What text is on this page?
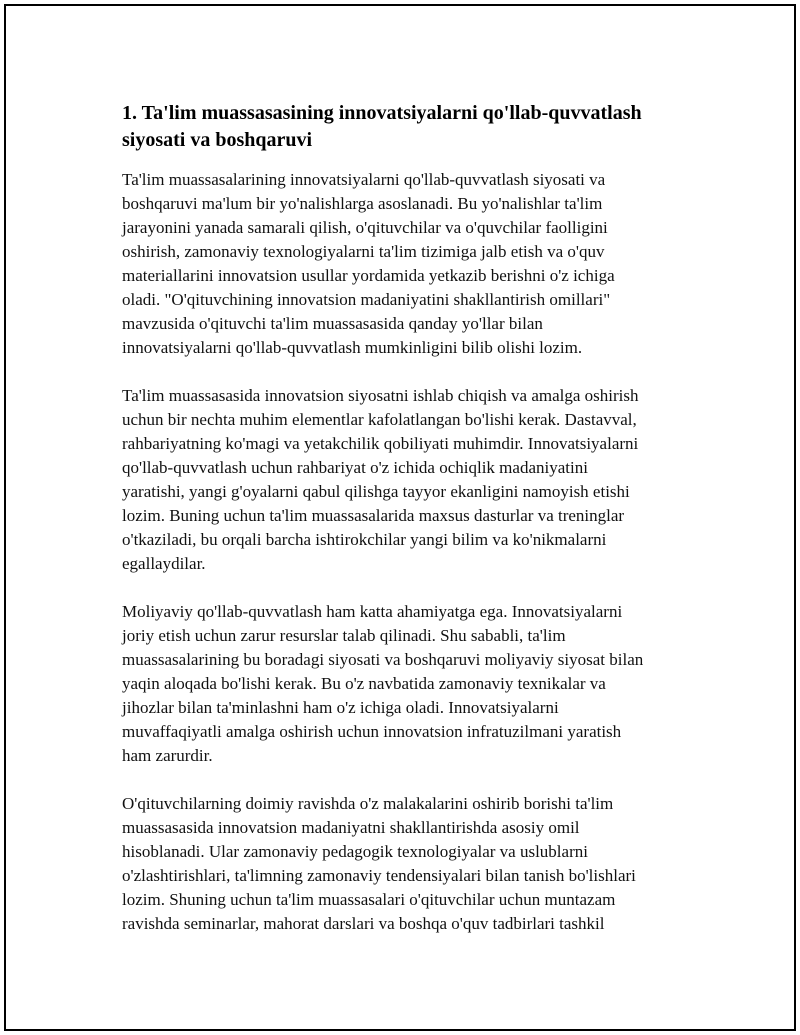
1. Ta'lim muassasasining innovatsiyalarni qo'llab-quvvatlash
siyosati va boshqaruvi

Ta'lim muassasalarining innovatsiyalarni qo'llab-quvvatlash siyosati va
boshqaruvi ma'lum bir yo'nalishlarga asoslanadi. Bu yo'nalishlar ta'lim
jarayonini yanada samarali qilish, o'qituvchilar va o'quvchilar faolligini
oshirish, zamonaviy texnologiyalarni ta'lim tizimiga jalb etish va o'quv
materiallarini innovatsion usullar yordamida yetkazib berishni o'z ichiga
oladi. "O'qituvchining innovatsion madaniyatini shakllantirish omillari"
mavzusida o'qituvchi ta'lim muassasasida qanday yo'llar bilan
innovatsiyalarni qo'llab-quvvatlash mumkinligini bilib olishi lozim.

Ta'lim muassasasida innovatsion siyosatni ishlab chiqish va amalga oshirish
uchun bir nechta muhim elementlar kafolatlangan bo'lishi kerak. Dastavval,
rahbariyatning ko'magi va yetakchilik qobiliyati muhimdir. Innovatsiyalarni
qo'llab-quvvatlash uchun rahbariyat o'z ichida ochiqlik madaniyatini
yaratishi, yangi g'oyalarni qabul qilishga tayyor ekanligini namoyish etishi
lozim. Buning uchun ta'lim muassasalarida maxsus dasturlar va treninglar
o'tkaziladi, bu orqali barcha ishtirokchilar yangi bilim va ko'nikmalarni
egallaydilar.

Moliyaviy qo'llab-quvvatlash ham katta ahamiyatga ega. Innovatsiyalarni
joriy etish uchun zarur resurslar talab qilinadi. Shu sababli, ta'lim
muassasalarining bu boradagi siyosati va boshqaruvi moliyaviy siyosat bilan
yaqin aloqada bo'lishi kerak. Bu o'z navbatida zamonaviy texnikalar va
jihozlar bilan ta'minlashni ham o'z ichiga oladi. Innovatsiyalarni
muvaffaqiyatli amalga oshirish uchun innovatsion infratuzilmani yaratish
ham zarurdir.

O'qituvchilarning doimiy ravishda o'z malakalarini oshirib borishi ta'lim
muassasasida innovatsion madaniyatni shakllantirishda asosiy omil
hisoblanadi. Ular zamonaviy pedagogik texnologiyalar va uslublarni
o'zlashtirishlari, ta'limning zamonaviy tendensiyalari bilan tanish bo'lishlari
lozim. Shuning uchun ta'lim muassasalari o'qituvchilar uchun muntazam
ravishda seminarlar, mahorat darslari va boshqa o'quv tadbirlari tashkil
